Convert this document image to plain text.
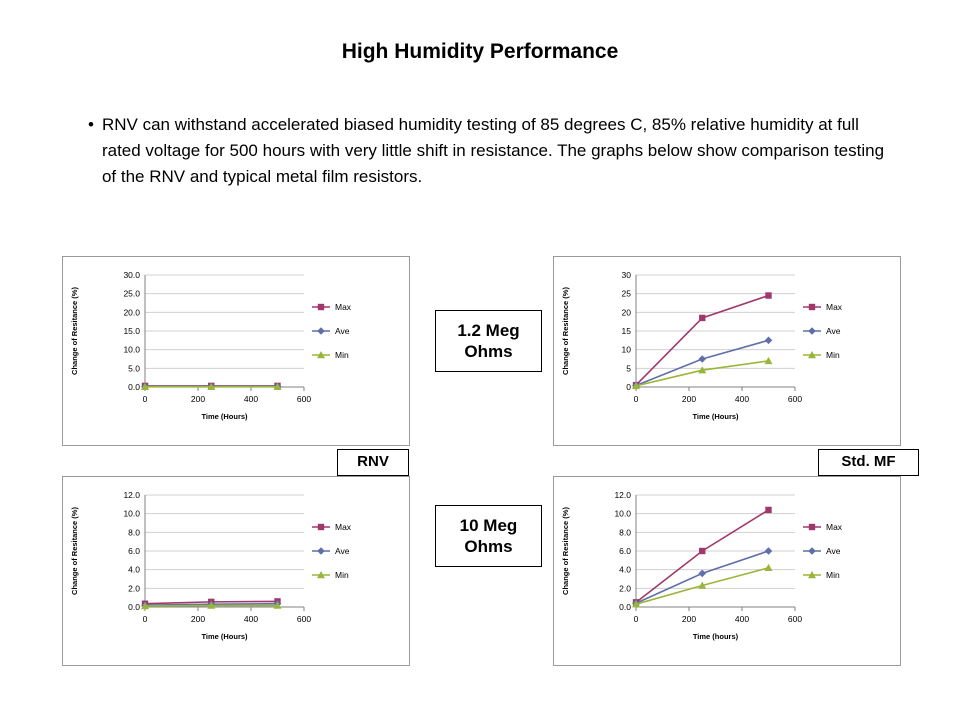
High Humidity Performance
• RNV can withstand accelerated biased humidity testing of 85 degrees C, 85% relative humidity at full rated voltage for 500 hours with very little shift in resistance. The graphs below show comparison testing of the RNV and typical metal film resistors.
0.0
5.0
10.0
15.0
20.0
25.0
30.0
0	200	400	600
Time (Hours)
Change of Resitance (%)	Max
Ave
Min
0
5
10
15
20
25
30
0	200	400	600
Time (Hours)
Change of Resitance (%)	Max
Ave
Min
0.0
2.0
4.0
6.0
8.0
10.0
12.0
0	200	400	600
Time (Hours)
Change of Resitance (%)	Max
Ave
Min
0.0
2.0
4.0
6.0
8.0
10.0
12.0
0	200	400	600
Time (hours)
Change of Resitance (%)	Max
Ave
Min
1.2 Meg
Ohms
10 Meg
Ohms
RNV	Std. MF
